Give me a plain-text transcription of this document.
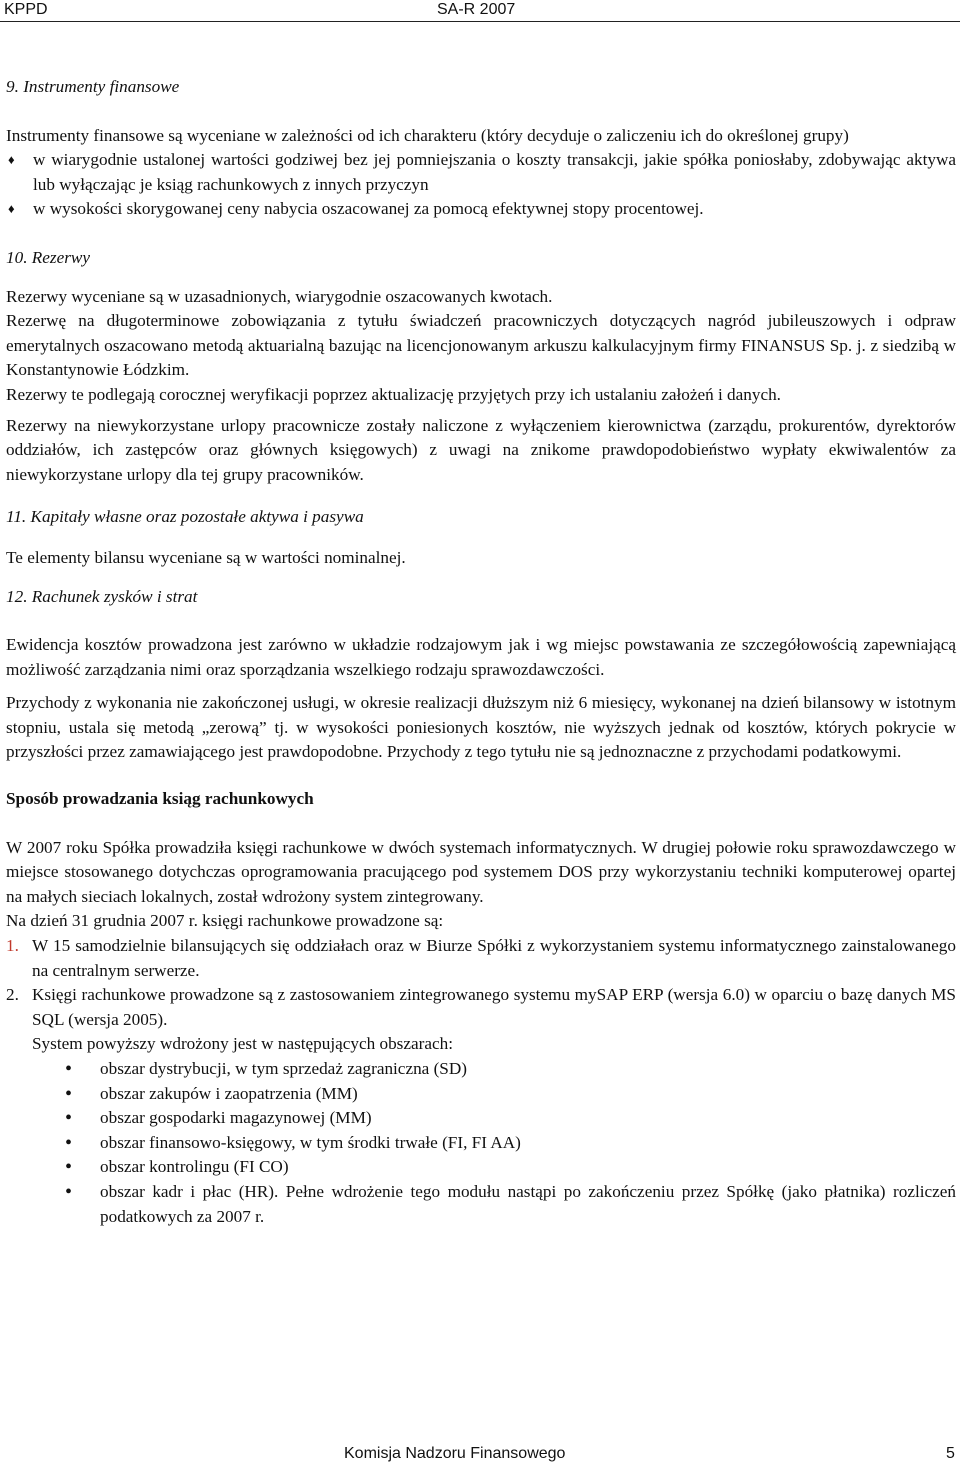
KPPD	SA-R 2007

9. Instrumenty finansowe

Instrumenty finansowe są wyceniane w zależności od ich charakteru (który decyduje o zaliczeniu ich do określonej grupy)

♦	w wiarygodnie ustalonej wartości godziwej bez jej pomniejszania o koszty transakcji, jakie spółka poniosłaby, zdobywając aktywa lub wyłączając je ksiąg rachunkowych z innych przyczyn
♦	w wysokości skorygowanej ceny nabycia oszacowanej za pomocą efektywnej stopy procentowej.

10. Rezerwy

Rezerwy wyceniane są w uzasadnionych, wiarygodnie oszacowanych kwotach.

Rezerwę na długoterminowe zobowiązania z tytułu świadczeń pracowniczych dotyczących nagród jubileuszowych i odpraw emerytalnych oszacowano metodą aktuarialną bazując na licencjonowanym arkuszu kalkulacyjnym firmy FINANSUS Sp. j. z siedzibą w Konstantynowie Łódzkim.

Rezerwy te podlegają corocznej weryfikacji poprzez aktualizację przyjętych przy ich ustalaniu założeń i danych.

Rezerwy na niewykorzystane urlopy pracownicze zostały naliczone z wyłączeniem kierownictwa (zarządu, prokurentów, dyrektorów oddziałów, ich zastępców oraz głównych księgowych) z uwagi na znikome prawdopodobieństwo wypłaty ekwiwalentów za niewykorzystane urlopy dla tej grupy pracowników.

11. Kapitały własne oraz pozostałe aktywa i pasywa

Te elementy bilansu wyceniane są w wartości nominalnej.

12. Rachunek zysków i strat

Ewidencja kosztów prowadzona jest zarówno w układzie rodzajowym jak i wg miejsc powstawania ze szczegółowością zapewniającą możliwość zarządzania nimi oraz sporządzania wszelkiego rodzaju sprawozdawczości.

Przychody z wykonania nie zakończonej usługi, w okresie realizacji dłuższym niż 6 miesięcy, wykonanej na dzień bilansowy w istotnym stopniu, ustala się metodą „zerową” tj. w wysokości poniesionych kosztów, nie wyższych jednak od kosztów, których pokrycie w przyszłości przez zamawiającego jest prawdopodobne. Przychody z tego tytułu nie są jednoznaczne z przychodami podatkowymi.

Sposób prowadzania ksiąg rachunkowych

W 2007 roku Spółka prowadziła księgi rachunkowe w dwóch systemach informatycznych. W drugiej połowie roku sprawozdawczego w miejsce stosowanego dotychczas oprogramowania pracującego pod systemem DOS przy wykorzystaniu techniki komputerowej opartej na małych sieciach lokalnych, został wdrożony system zintegrowany.

Na dzień 31 grudnia 2007 r. księgi rachunkowe prowadzone są:

1. W 15 samodzielnie bilansujących się oddziałach oraz w Biurze Spółki z wykorzystaniem systemu informatycznego zainstalowanego na centralnym serwerze.
2. Księgi rachunkowe prowadzone są z zastosowaniem zintegrowanego systemu mySAP ERP (wersja 6.0) w oparciu o bazę danych MS SQL (wersja 2005).

System powyższy wdrożony jest w następujących obszarach:

•	obszar dystrybucji, w tym sprzedaż zagraniczna (SD)
•	obszar zakupów i zaopatrzenia (MM)
•	obszar gospodarki magazynowej (MM)
•	obszar finansowo-księgowy, w tym środki trwałe (FI, FI AA)
•	obszar kontrolingu (FI CO)
•	obszar kadr i płac (HR). Pełne wdrożenie tego modułu nastąpi po zakończeniu przez Spółkę (jako płatnika) rozliczeń podatkowych za 2007 r.
Komisja Nadzoru Finansowego	5
